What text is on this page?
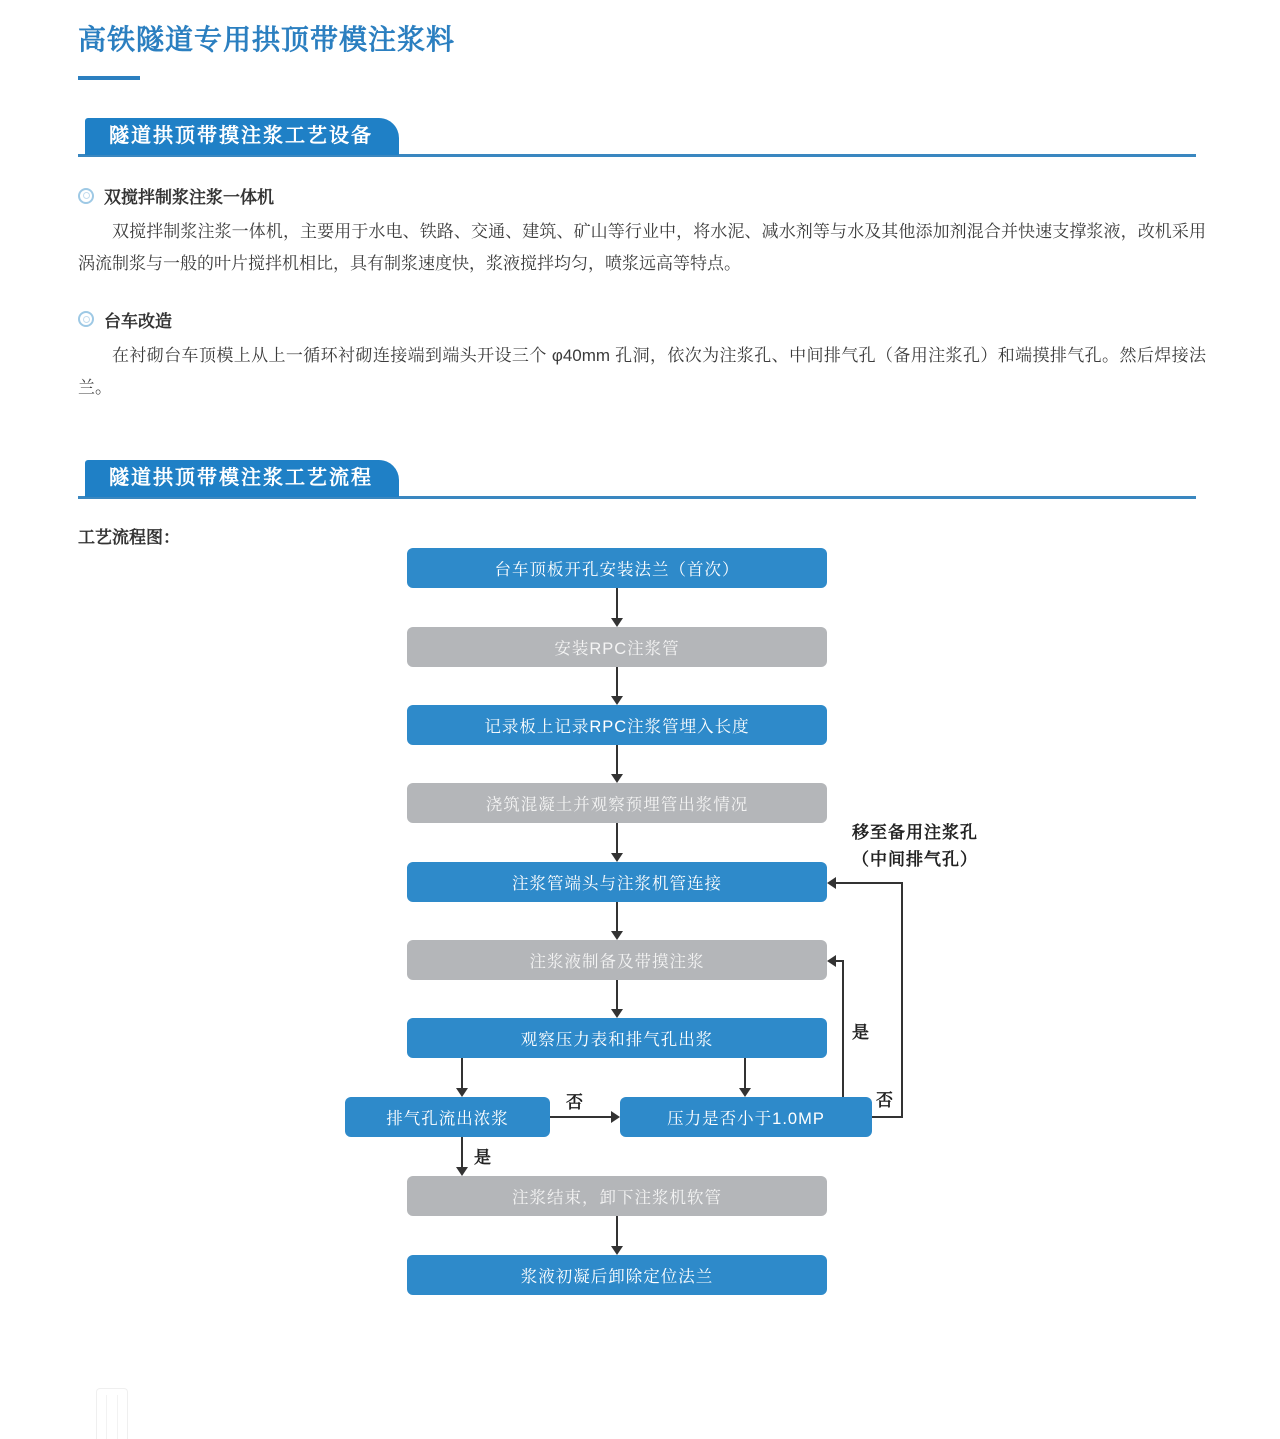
高铁隧道专用拱顶带模注浆料
隧道拱顶带摸注浆工艺设备
双搅拌制浆注浆一体机

双搅拌制浆注浆一体机，主要用于水电、铁路、交通、建筑、矿山等行业中，将水泥、减水剂等与水及其他添加剂混合并快速支撑浆液，改机采用涡流制浆与一般的叶片搅拌机相比，具有制浆速度快，浆液搅拌均匀，喷浆远高等特点。

台车改造

在衬砌台车顶模上从上一循环衬砌连接端到端头开设三个 φ40mm 孔洞，依次为注浆孔、中间排气孔（备用注浆孔）和端摸排气孔。然后焊接法兰。

隧道拱顶带模注浆工艺流程
工艺流程图：
台车顶板开孔安装法兰（首次）
安装RPC注浆管
记录板上记录RPC注浆管埋入长度
浇筑混凝土并观察预埋管出浆情况
注浆管端头与注浆机管连接
注浆液制备及带摸注浆
观察压力表和排气孔出浆
排气孔流出浓浆	压力是否小于1.0MP
注浆结束，卸下注浆机软管
浆液初凝后卸除定位法兰
是
否
是
否
移至备用注浆孔
（中间排气孔）
